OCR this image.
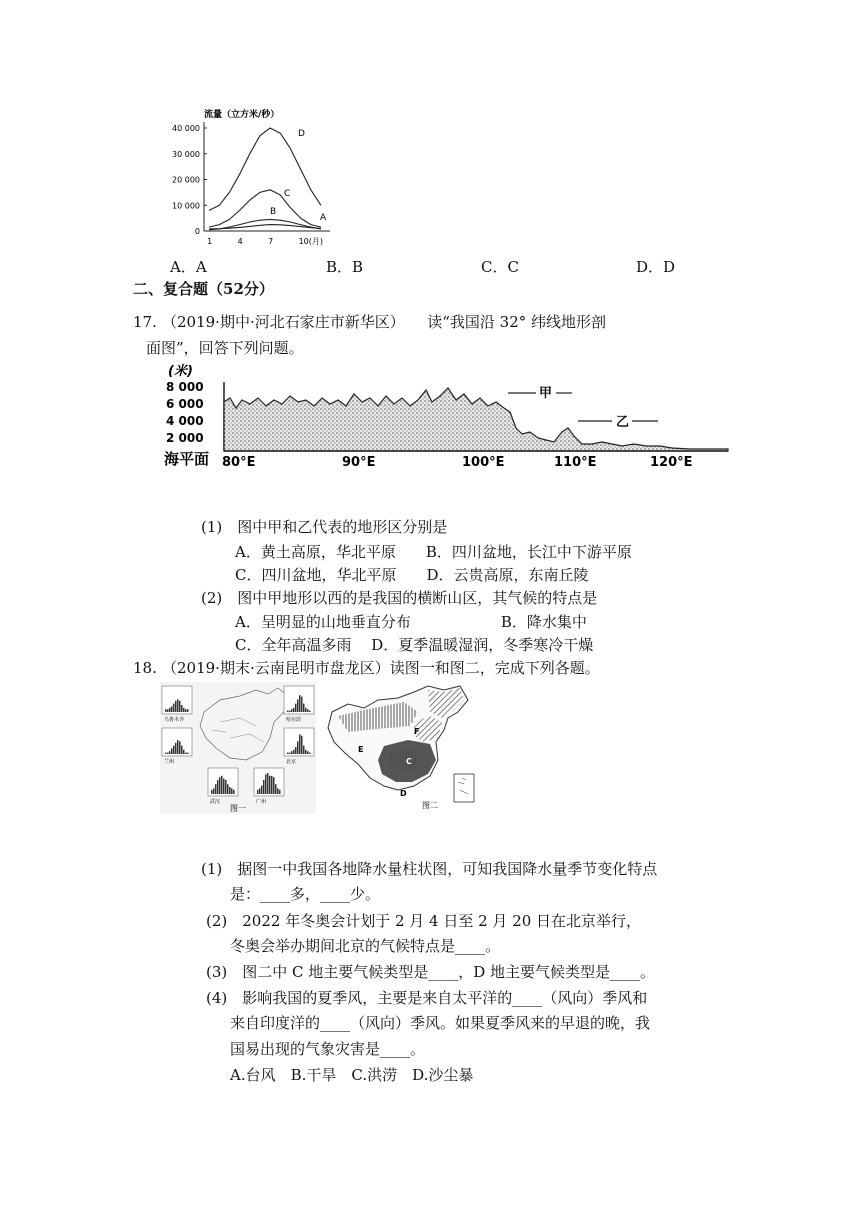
流量（立方米/秒）
40 000
30 000
20 000
10 000
0
1	4	7	10(月)
D
C
B
A
A．A	B．B	C．C	D．D
二、复合题（52分）
17. （2019·期中·河北石家庄市新华区）　　读“我国沿 32° 纬线地形剖
面图”，回答下列问题。
(米)
8 000
6 000
4 000
2 000
海平面 80°E	90°E	100°E	110°E	120°E
甲
乙
(1)　图中甲和乙代表的地形区分别是
A．黄土高原，华北平原　　B．四川盆地，长江中下游平原
C．四川盆地，华北平原　　D．云贵高原，东南丘陵
(2)　图中甲地形以西的是我国的横断山区，其气候的特点是
A．呈明显的山地垂直分布　　　　　　B．降水集中
C．全年高温多雨　 D．夏季温暖湿润，冬季寒冷干燥
18. （2019·期末·云南昆明市盘龙区）读图一和图二，完成下列各题。
乌鲁木齐	哈尔滨
兰州	北京
武汉	广州
图一
E
F
C
D
图二
(1)　据图一中我国各地降水量柱状图，可知我国降水量季节变化特点
是：____多，____少。
(2)　2022 年冬奥会计划于 2 月 4 日至 2 月 20 日在北京举行，
冬奥会举办期间北京的气候特点是____。
(3)　图二中 C 地主要气候类型是____，D 地主要气候类型是____。
(4)　影响我国的夏季风，主要是来自太平洋的____（风向）季风和
来自印度洋的____（风向）季风。如果夏季风来的早退的晚，我
国易出现的气象灾害是____。
A.台风　B.干旱　C.洪涝　D.沙尘暴
